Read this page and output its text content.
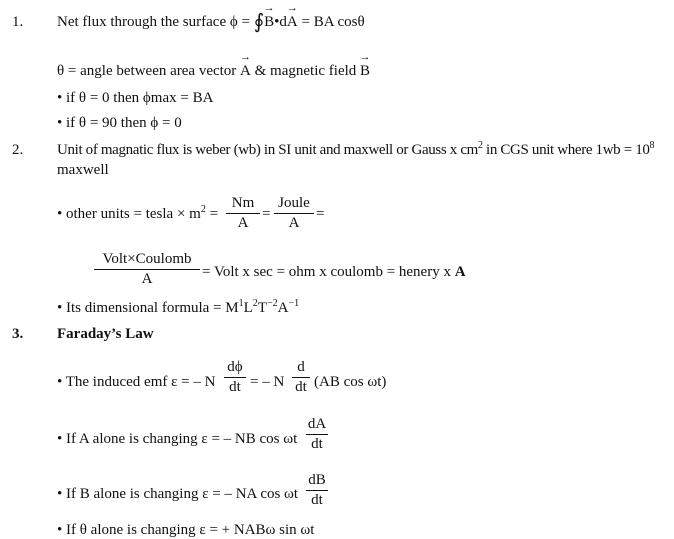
1. Net flux through the surface ϕ = ∮→ B•d→ A = BA cosθ
θ = angle between area vector → A & magnetic field → B
• if θ = 0 then ϕmax = BA
• if θ = 90 then ϕ = 0
2. Unit of magnatic flux is weber (wb) in SI unit and maxwell or Gauss x $cm^2$ in CGS unit where $1wb = 10^8$
maxwell
• other units = tesla × $m^2 = \frac{Nm}{A}$ =
Joule
A
=
Volt×Coulomb
A	= Volt x sec = ohm x coulomb = henery x A
• Its dimensional formula = $M^1L^2T^{-2}A^{-1}$
3. Faraday’s Law
• The induced emf ε = – N $\frac{d\phi}{dt}$ = – N $\frac{d}{dt} (AB$ cos ωt)
• If A alone is changing ε = – NB cos ωt $\frac{dA}{dt}$
• If B alone is changing ε = – NA cos ωt $\frac{dB}{dt}$
• If θ alone is changing ε = + NABω sin ωt
